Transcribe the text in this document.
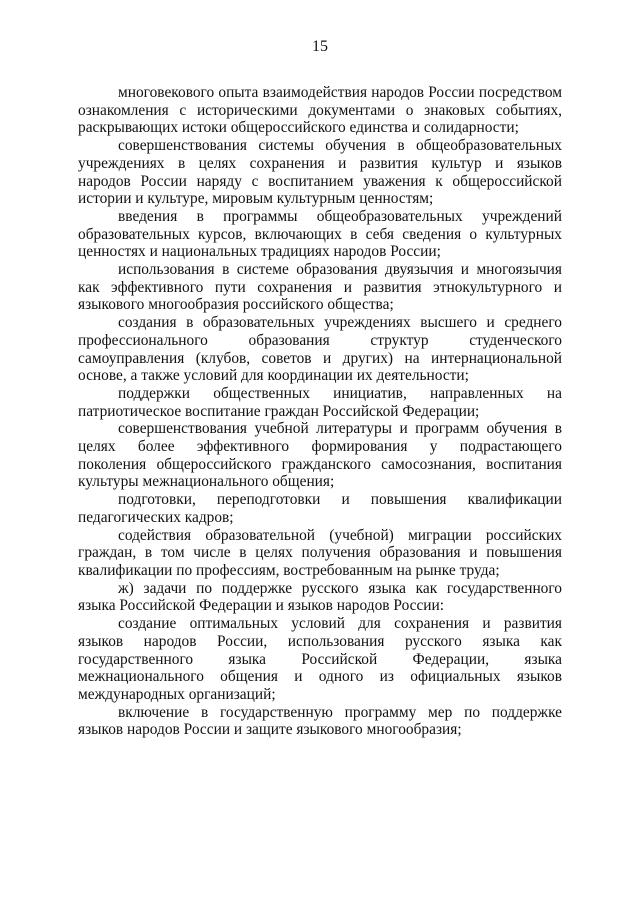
15
многовекового опыта взаимодействия народов России посредством
ознакомления с историческими документами о знаковых событиях,
раскрывающих истоки общероссийского единства и солидарности;
совершенствования системы обучения в общеобразовательных
учреждениях в целях сохранения и развития культур и языков
народов России наряду с воспитанием уважения к общероссийской
истории и культуре, мировым культурным ценностям;
введения в программы общеобразовательных учреждений
образовательных курсов, включающих в себя сведения о культурных
ценностях и национальных традициях народов России;
использования в системе образования двуязычия и многоязычия
как эффективного пути сохранения и развития этнокультурного и
языкового многообразия российского общества;
создания в образовательных учреждениях высшего и среднего
профессионального образования структур студенческого
самоуправления (клубов, советов и других) на интернациональной
основе, а также условий для координации их деятельности;
поддержки общественных инициатив, направленных на
патриотическое воспитание граждан Российской Федерации;
совершенствования учебной литературы и программ обучения в
целях более эффективного формирования у подрастающего
поколения общероссийского гражданского самосознания, воспитания
культуры межнационального общения;
подготовки, переподготовки и повышения квалификации
педагогических кадров;
содействия образовательной (учебной) миграции российских
граждан, в том числе в целях получения образования и повышения
квалификации по профессиям, востребованным на рынке труда;
ж) задачи по поддержке русского языка как государственного
языка Российской Федерации и языков народов России:
создание оптимальных условий для сохранения и развития
языков народов России, использования русского языка как
государственного языка Российской Федерации, языка
межнационального общения и одного из официальных языков
международных организаций;
включение в государственную программу мер по поддержке
языков народов России и защите языкового многообразия;
